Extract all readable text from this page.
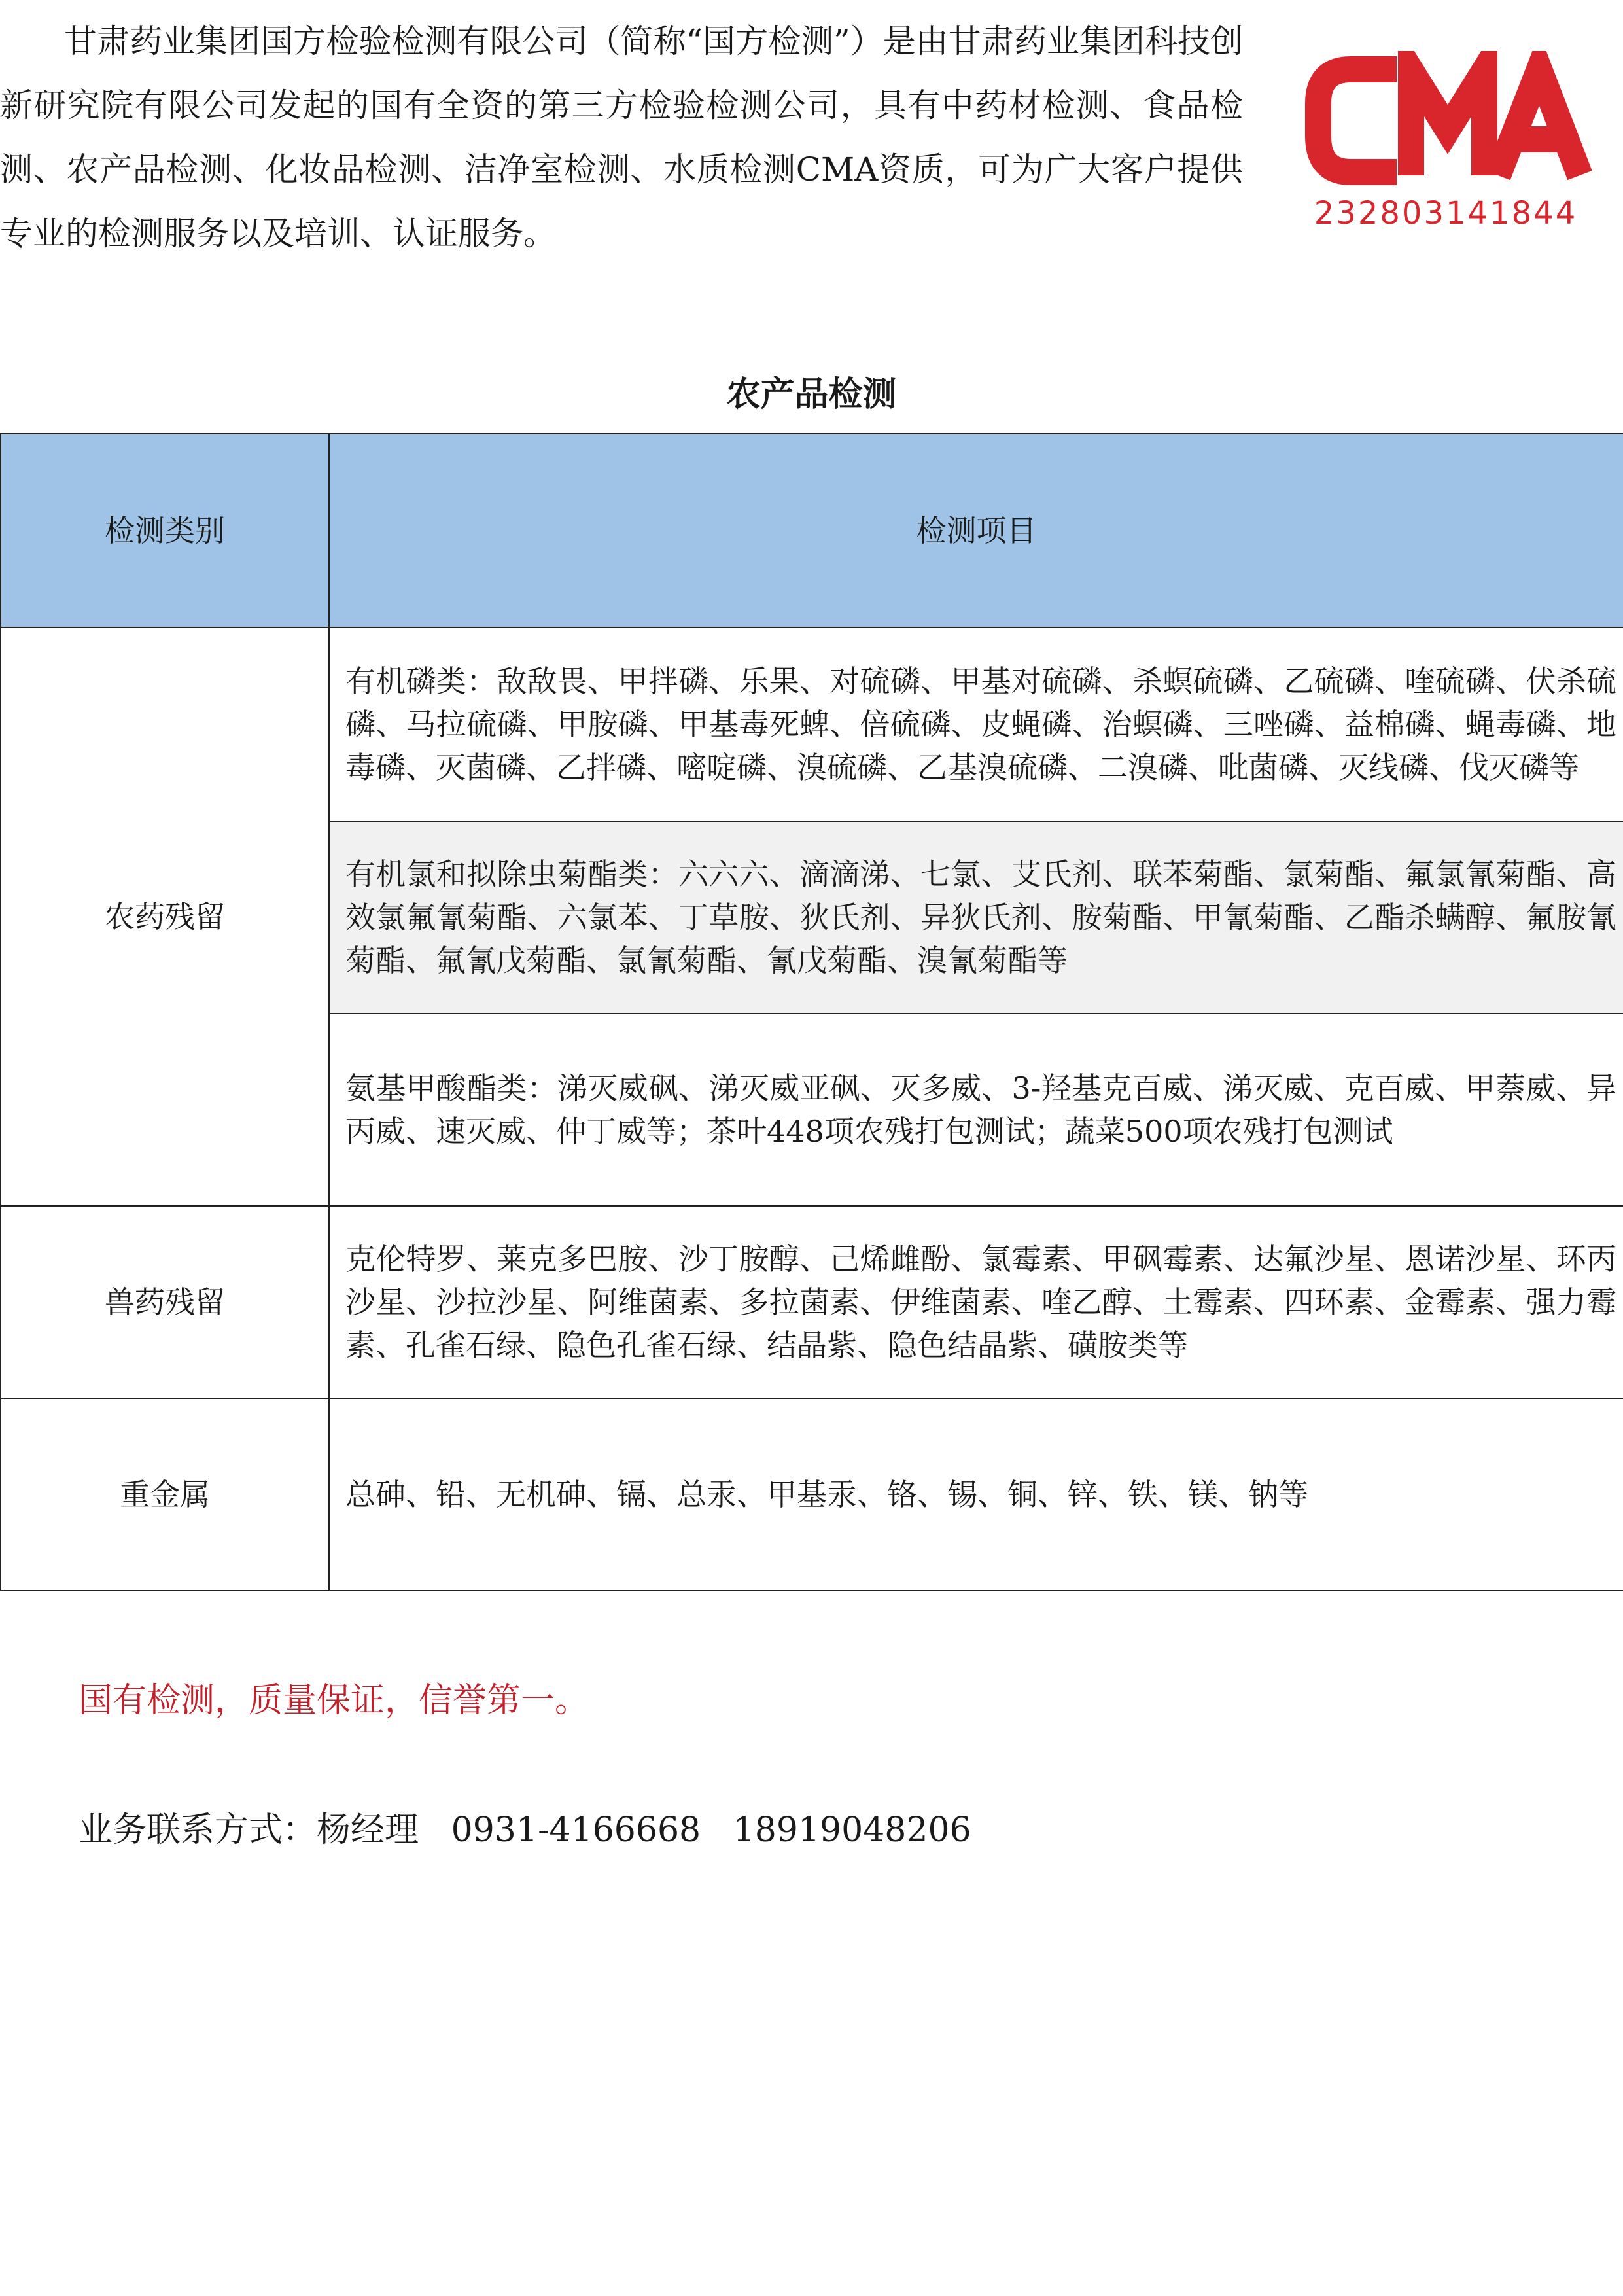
甘肃药业集团国方检验检测有限公司（简称“国方检测”）是由甘肃药业集团科技创新研究院有限公司发起的国有全资的第三方检验检测公司，具有中药材检测、食品检测、农产品检测、化妆品检测、洁净室检测、水质检测CMA资质，可为广大客户提供专业的检测服务以及培训、认证服务。

CMA
232803141844
农产品检测
检测类别	检测项目
农药残留	有机磷类：敌敌畏、甲拌磷、乐果、对硫磷、甲基对硫磷、杀螟硫磷、乙硫磷、喹硫磷、伏杀硫磷、马拉硫磷、甲胺磷、甲基毒死蜱、倍硫磷、皮蝇磷、治螟磷、三唑磷、益棉磷、蝇毒磷、地毒磷、灭菌磷、乙拌磷、嘧啶磷、溴硫磷、乙基溴硫磷、二溴磷、吡菌磷、灭线磷、伐灭磷等
	有机氯和拟除虫菊酯类：六六六、滴滴涕、七氯、艾氏剂、联苯菊酯、氯菊酯、氟氯氰菊酯、高效氯氟氰菊酯、六氯苯、丁草胺、狄氏剂、异狄氏剂、胺菊酯、甲氰菊酯、乙酯杀螨醇、氟胺氰菊酯、氟氰戊菊酯、氯氰菊酯、氰戊菊酯、溴氰菊酯等
	氨基甲酸酯类：涕灭威砜、涕灭威亚砜、灭多威、3-羟基克百威、涕灭威、克百威、甲萘威、异丙威、速灭威、仲丁威等；茶叶448项农残打包测试；蔬菜500项农残打包测试
兽药残留	克伦特罗、莱克多巴胺、沙丁胺醇、己烯雌酚、氯霉素、甲砜霉素、达氟沙星、恩诺沙星、环丙沙星、沙拉沙星、阿维菌素、多拉菌素、伊维菌素、喹乙醇、土霉素、四环素、金霉素、强力霉素、孔雀石绿、隐色孔雀石绿、结晶紫、隐色结晶紫、磺胺类等
重金属	总砷、铅、无机砷、镉、总汞、甲基汞、铬、锡、铜、锌、铁、镁、钠等

国有检测，质量保证，信誉第一。

业务联系方式：杨经理 0931-4166668 18919048206
